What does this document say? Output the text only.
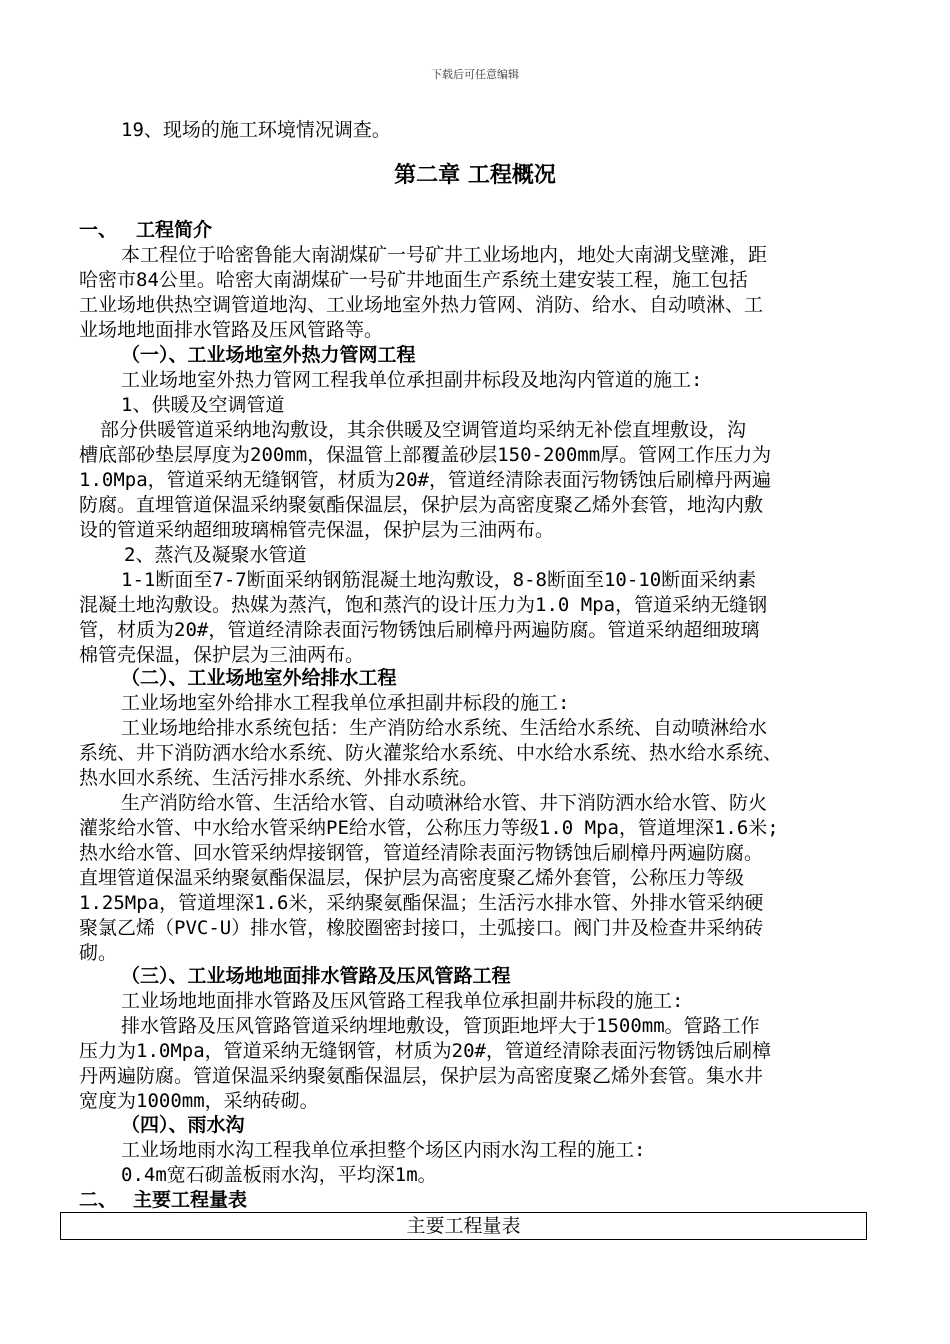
下载后可任意编辑
19、现场的施工环境情况调查。
第二章 工程概况
一、 工程简介
本工程位于哈密鲁能大南湖煤矿一号矿井工业场地内，地处大南湖戈壁滩，距
哈密市84公里。哈密大南湖煤矿一号矿井地面生产系统土建安装工程，施工包括
工业场地供热空调管道地沟、工业场地室外热力管网、消防、给水、自动喷淋、工
业场地地面排水管路及压风管路等。
（一）、工业场地室外热力管网工程
工业场地室外热力管网工程我单位承担副井标段及地沟内管道的施工:
1、供暖及空调管道
部分供暖管道采纳地沟敷设，其余供暖及空调管道均采纳无补偿直埋敷设，沟
槽底部砂垫层厚度为200mm，保温管上部覆盖砂层150-200mm厚。管网工作压力为
1.0Mpa，管道采纳无缝钢管，材质为20#，管道经清除表面污物锈蚀后刷樟丹两遍
防腐。直埋管道保温采纳聚氨酯保温层，保护层为高密度聚乙烯外套管，地沟内敷
设的管道采纳超细玻璃棉管壳保温，保护层为三油两布。
2、蒸汽及凝聚水管道
1-1断面至7-7断面采纳钢筋混凝土地沟敷设，8-8断面至10-10断面采纳素
混凝土地沟敷设。热媒为蒸汽，饱和蒸汽的设计压力为1.0 Mpa，管道采纳无缝钢
管，材质为20#，管道经清除表面污物锈蚀后刷樟丹两遍防腐。管道采纳超细玻璃
棉管壳保温，保护层为三油两布。
（二）、工业场地室外给排水工程
工业场地室外给排水工程我单位承担副井标段的施工:
工业场地给排水系统包括：生产消防给水系统、生活给水系统、自动喷淋给水
系统、井下消防洒水给水系统、防火灌浆给水系统、中水给水系统、热水给水系统、
热水回水系统、生活污排水系统、外排水系统。
生产消防给水管、生活给水管、自动喷淋给水管、井下消防洒水给水管、防火
灌浆给水管、中水给水管采纳PE给水管，公称压力等级1.0 Mpa，管道埋深1.6米;
热水给水管、回水管采纳焊接钢管，管道经清除表面污物锈蚀后刷樟丹两遍防腐。
直埋管道保温采纳聚氨酯保温层，保护层为高密度聚乙烯外套管，公称压力等级
1.25Mpa，管道埋深1.6米，采纳聚氨酯保温；生活污水排水管、外排水管采纳硬
聚氯乙烯（PVC-U）排水管，橡胶圈密封接口，土弧接口。阀门井及检查井采纳砖
砌。
（三）、工业场地地面排水管路及压风管路工程
工业场地地面排水管路及压风管路工程我单位承担副井标段的施工:
排水管路及压风管路管道采纳埋地敷设，管顶距地坪大于1500mm。管路工作
压力为1.0Mpa，管道采纳无缝钢管，材质为20#，管道经清除表面污物锈蚀后刷樟
丹两遍防腐。管道保温采纳聚氨酯保温层，保护层为高密度聚乙烯外套管。集水井
宽度为1000mm，采纳砖砌。
（四）、雨水沟
工业场地雨水沟工程我单位承担整个场区内雨水沟工程的施工:
0.4m宽石砌盖板雨水沟，平均深1m。
二、 主要工程量表
主要工程量表
